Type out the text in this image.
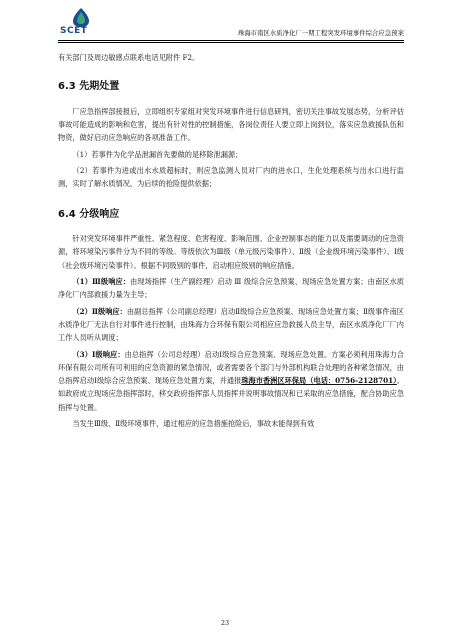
SCET	珠海市南区水质净化厂一期工程突发环境事件综合应急预案

有关部门及周边敏感点联系电话见附件 F2。

6.3 先期处置

厂应急指挥部接报后，立即组织专家组对突发环境事件进行信息研判，密切关注事故发展态势，分析评估事故可能造成的影响和危害，提出有针对性的控制措施，各岗位责任人要立即上岗到位，落实应急救援队伍和物资，做好启动应急响应的各项准备工作。

（1）若事件为化学品泄漏首先要做的是移除泄漏源；

（2）若事件为进或出水水质超标时，则应急监测人员对厂内的进水口，生化处理系统与出水口进行监测，实时了解水质情况，为后续的抢险提供依据；

6.4 分级响应

针对突发环境事件严重性、紧急程度、危害程度、影响范围、企业控制事态的能力以及需要调动的应急资源，将环境染污事件分为不同的等级。等级依次为Ⅲ级（单元级污染事件）、Ⅱ级（企业级环境污染事件）、Ⅰ级（社会级环境污染事件）。根据不同级别的事件，启动相应级别的响应措施。

（1）Ⅲ级响应：由现场指挥（生产副经理）启动 Ⅲ 级综合应急预案、现场应急处置方案；由南区水质净化厂内部救援力量为主导；

（2）Ⅱ级响应：由副总指挥（公司副总经理）启动Ⅱ级综合应急预案、现场应急处置方案；Ⅱ级事件南区水质净化厂无法自行对事件进行控制，由珠海力合环保有限公司相应应急救援人员主导，南区水质净化厂厂内工作人员听从调度；

（3）Ⅰ级响应：由总指挥（公司总经理）启动Ⅰ级综合应急预案、现场应急处置。方案必须利用珠海力合环保有限公司所有可利用的应急资源的紧急情况，或者需要各个部门与外部机构联合处理的各种紧急情况，由总指挥启动Ⅰ级综合应急预案、现场应急处置方案，并通报珠海市香洲区环保局（电话：0756-2128701）。如政府成立现场应急指挥部时，移交政府指挥部人员指挥并说明事故情况和已采取的应急措施，配合协助应急指挥与处置。

当发生Ⅲ级、Ⅱ级环境事件，通过相应的应急措施抢险后，事故未能得到有效

23
